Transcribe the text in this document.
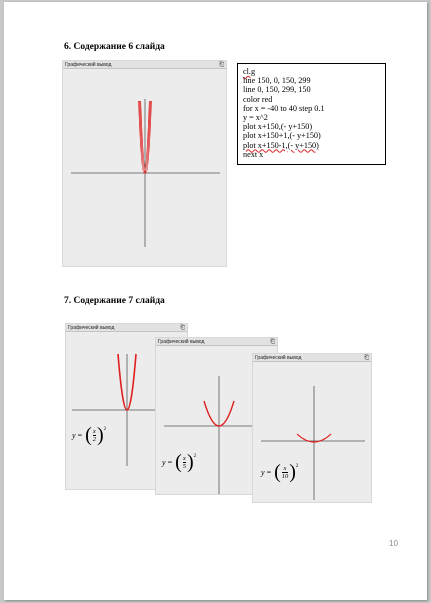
6. Содержание 6 слайда
Графический вывод	⎗
cl.g
line 150, 0, 150, 299
line 0, 150, 299, 150
color red
for x = -40 to 40 step 0.1
y = x^2
plot x+150,(- y+150)
plot x+150+1,(- y+150)
plot x+150-1,(- y+150)
next x
7. Содержание 7 слайда
Графический вывод	⎗
y = ( $\frac{x}{2}$ ) 2
Графический вывод	⎗
y = ( $\frac{x}{5}$ ) 2
Графический вывод	⎗
y = ( $\frac{x}{10}$ ) 2
10
